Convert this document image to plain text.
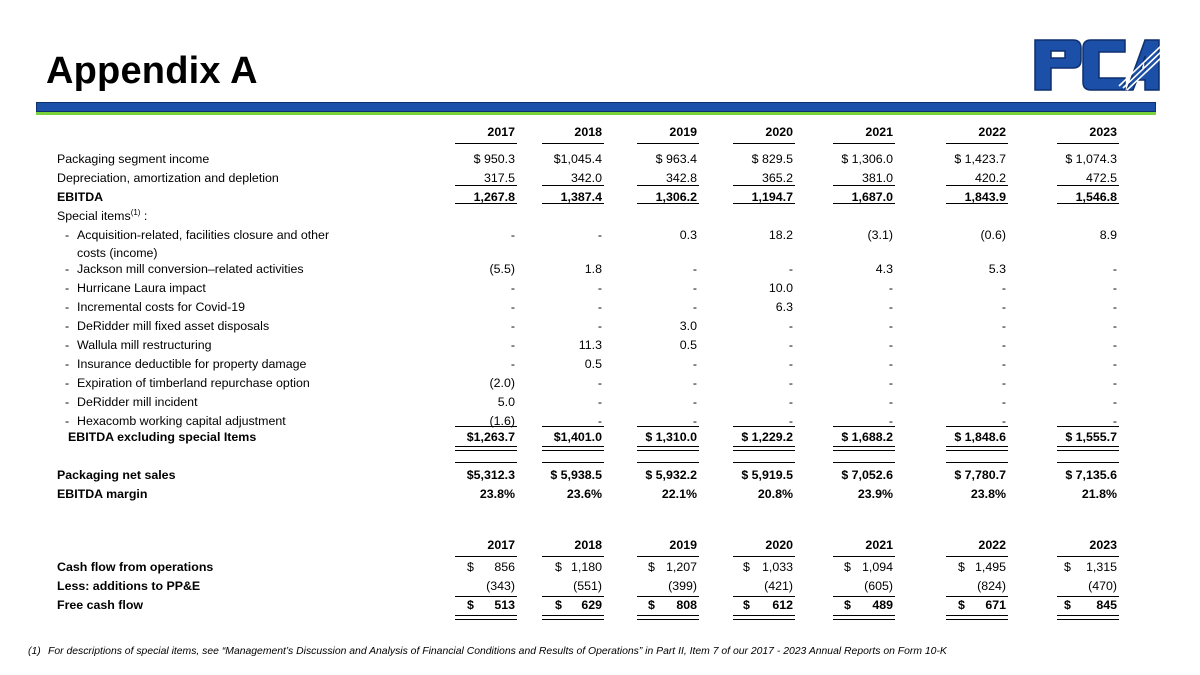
Appendix A
2017	2018	2019	2020	2021	2022	2023
Packaging segment income	$ 950.3	$1,045.4	$ 963.4	$ 829.5	$ 1,306.0	$ 1,423.7	$ 1,074.3
Depreciation, amortization and depletion	317.5	342.0	342.8	365.2	381.0	420.2	472.5
EBITDA	1,267.8	1,387.4	1,306.2	1,194.7	1,687.0	1,843.9	1,546.8
Special items$^{(1)}$ :
- Acquisition-related, facilities closure and other
costs (income)
-	-	0.3	18.2	(3.1)	(0.6)	8.9
- Jackson mill conversion–related activities	(5.5)	1.8	-	-	4.3	5.3	-
- Hurricane Laura impact	-	-	-	10.0	-	-	-
- Incremental costs for Covid-19	-	-	-	6.3	-	-	-
- DeRidder mill fixed asset disposals	-	-	3.0	-	-	-	-
- Wallula mill restructuring	-	11.3	0.5	-	-	-	-
- Insurance deductible for property damage	-	0.5	-	-	-	-	-
- Expiration of timberland repurchase option	(2.0)	-	-	-	-	-	-
- DeRidder mill incident	5.0	-	-	-	-	-	-
- Hexacomb working capital adjustment	(1.6)	-	-	-	-	-	-
EBITDA excluding special Items	$1,263.7	$1,401.0	$ 1,310.0	$ 1,229.2	$ 1,688.2	$ 1,848.6	$ 1,555.7
Packaging net sales	$5,312.3	$ 5,938.5	$ 5,932.2	$ 5,919.5	$ 7,052.6	$ 7,780.7	$ 7,135.6
EBITDA margin	23.8%	23.6%	22.1%	20.8%	23.9%	23.8%	21.8%
2017	2018	2019	2020	2021	2022	2023
Cash flow from operations	$	856	$ 1,180	$ 1,207	$ 1,033	$ 1,094	$ 1,495	$	1,315
Less: additions to PP&E	(343)	(551)	(399)	(421)	(605)	(824)	(470)
Free cash flow	$	513	$	629	$	808	$	612	$	489	$	671	$	845
(1) For descriptions of special items, see “Management’s Discussion and Analysis of Financial Conditions and Results of Operations” in Part II, Item 7 of our 2017 - 2023 Annual Reports on Form 10-K
